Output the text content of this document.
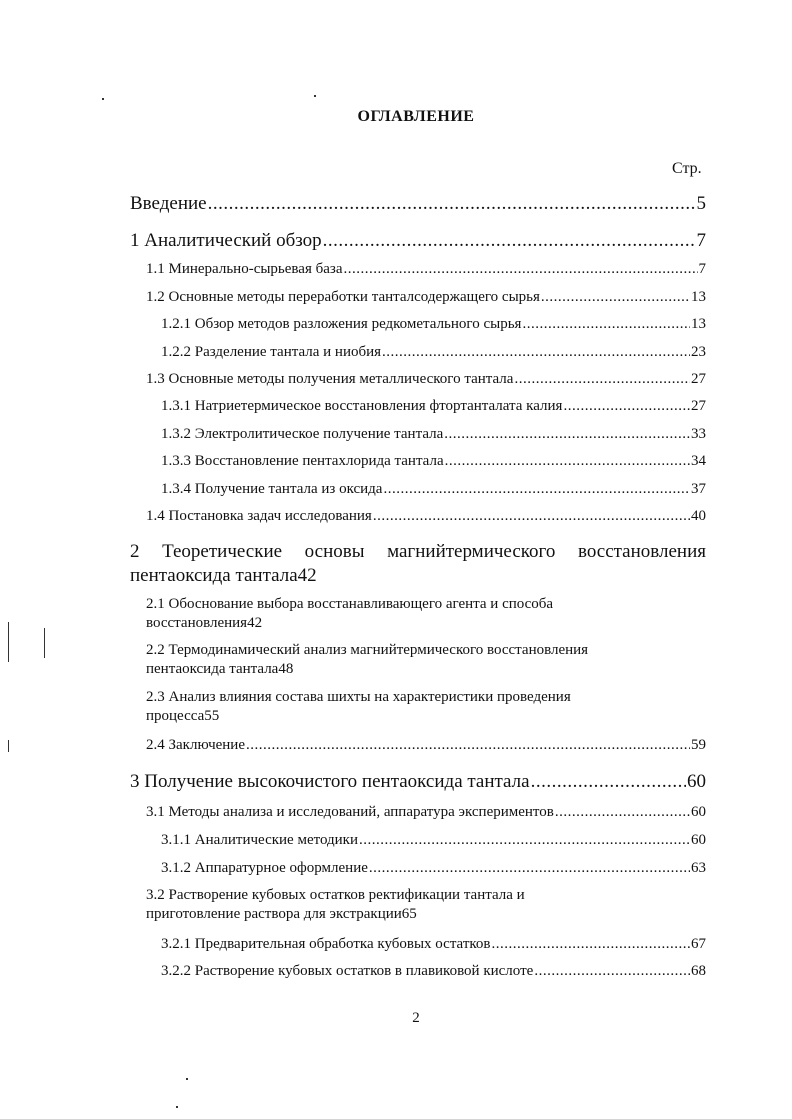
ОГЛАВЛЕНИЕ
Стр.
Введение .....	5
1 Аналитический обзор .....	7
1.1 Минерально-сырьевая база .....	7
1.2 Основные методы переработки танталсодержащего сырья .....	13
1.2.1 Обзор методов разложения редкометального сырья .....	13
1.2.2 Разделение тантала и ниобия .....	23
1.3 Основные методы получения металлического тантала .....	27
1.3.1 Натриетермическое восстановления фтортанталата калия .....	27
1.3.2 Электролитическое получение тантала .....	33
1.3.3 Восстановление пентахлорида тантала .....	34
1.3.4 Получение тантала из оксида .....	37
1.4 Постановка задач исследования .....	40
2 Теоретические основы магнийтермического восстановления
пентаоксида тантала 42
2.1 Обоснование выбора восстанавливающего агента и способа
восстановления 42
2.2 Термодинамический анализ магнийтермического восстановления
пентаоксида тантала 48
2.3 Анализ влияния состава шихты на характеристики проведения
процесса 55
2.4 Заключение .....	59
3 Получение высокочистого пентаоксида тантала .....	60
3.1 Методы анализа и исследований, аппаратура экспериментов .....	60
3.1.1 Аналитические методики .....	60
3.1.2 Аппаратурное оформление .....	63
3.2 Растворение кубовых остатков ректификации тантала и
приготовление раствора для экстракции 65
3.2.1 Предварительная обработка кубовых остатков .....	67
3.2.2 Растворение кубовых остатков в плавиковой кислоте .....	68
2
